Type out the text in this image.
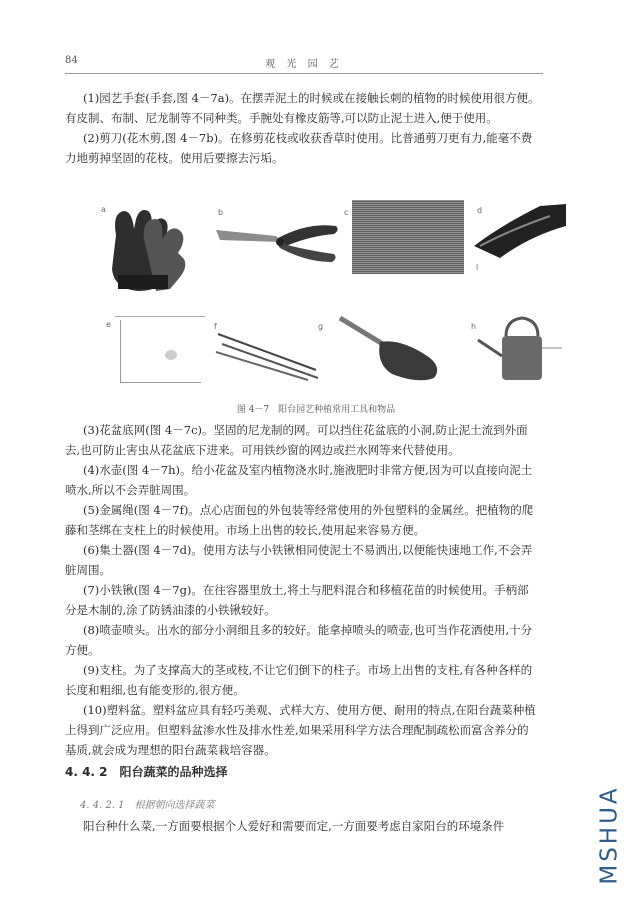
84	观 光 园 艺

(1)园艺手套(手套,图 4－7a)。在摆弄泥土的时候或在接触长刺的植物的时候使用很方便。有皮制、布制、尼龙制等不同种类。手腕处有橡皮筋等,可以防止泥土进入,便于使用。

(2)剪刀(花木剪,图 4－7b)。在修剪花枝或收获香草时使用。比普通剪刀更有力,能毫不费力地剪掉坚固的花枝。使用后要擦去污垢。

a	b	c	d
l
e	f	g	h
图 4－7　阳台园艺种植常用工具和物品

(3)花盆底网(图 4－7c)。坚固的尼龙制的网。可以挡住花盆底的小洞,防止泥土流到外面去,也可防止害虫从花盆底下进来。可用铁纱窗的网边或拦水网等来代替使用。

(4)水壶(图 4－7h)。给小花盆及室内植物浇水时,施液肥时非常方便,因为可以直接向泥土喷水,所以不会弄脏周围。

(5)金属绳(图 4－7f)。点心店面包的外包装等经常使用的外包塑料的金属丝。把植物的爬藤和茎绑在支柱上的时候使用。市场上出售的较长,使用起来容易方便。

(6)集土器(图 4－7d)。使用方法与小铁锹相同使泥土不易洒出,以便能快速地工作,不会弄脏周围。

(7)小铁锹(图 4－7g)。在往容器里放土,将土与肥料混合和移植花苗的时候使用。手柄部分是木制的,涂了防锈油漆的小铁锹较好。

(8)喷壶喷头。出水的部分小洞细且多的较好。能拿掉喷头的喷壶,也可当作花洒使用,十分方便。

(9)支柱。为了支撑高大的茎或枝,不让它们倒下的柱子。市场上出售的支柱,有各种各样的长度和粗细,也有能变形的,很方便。

(10)塑料盆。塑料盆应具有轻巧美观、式样大方、使用方便、耐用的特点,在阳台蔬菜种植上得到广泛应用。但塑料盆渗水性及排水性差,如果采用科学方法合理配制疏松而富含养分的基质,就会成为理想的阳台蔬菜栽培容器。

4. 4. 2　阳台蔬菜的品种选择
4. 4. 2. 1　根据朝向选择蔬菜

阳台种什么菜,一方面要根据个人爱好和需要而定,一方面要考虑自家阳台的环境条件	MSHUA
